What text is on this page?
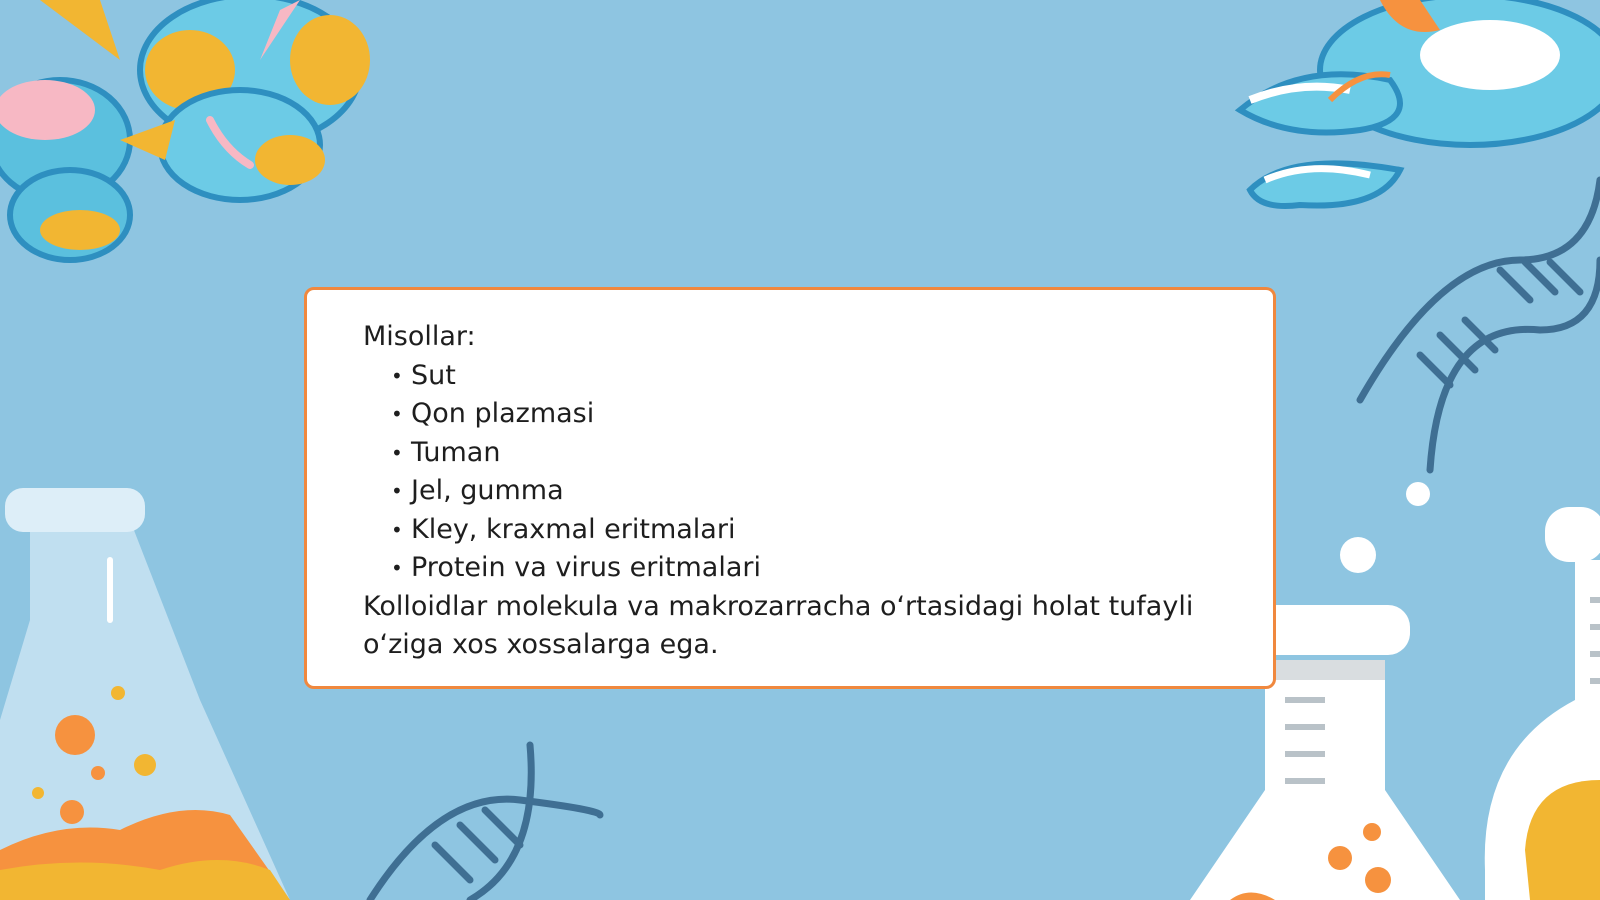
Misollar:

• Sut
• Qon plazmasi
• Tuman
• Jel, gumma
• Kley, kraxmal eritmalari
• Protein va virus eritmalari

Kolloidlar molekula va makrozarracha o‘rtasidagi holat tufayli

o‘ziga xos xossalarga ega.
